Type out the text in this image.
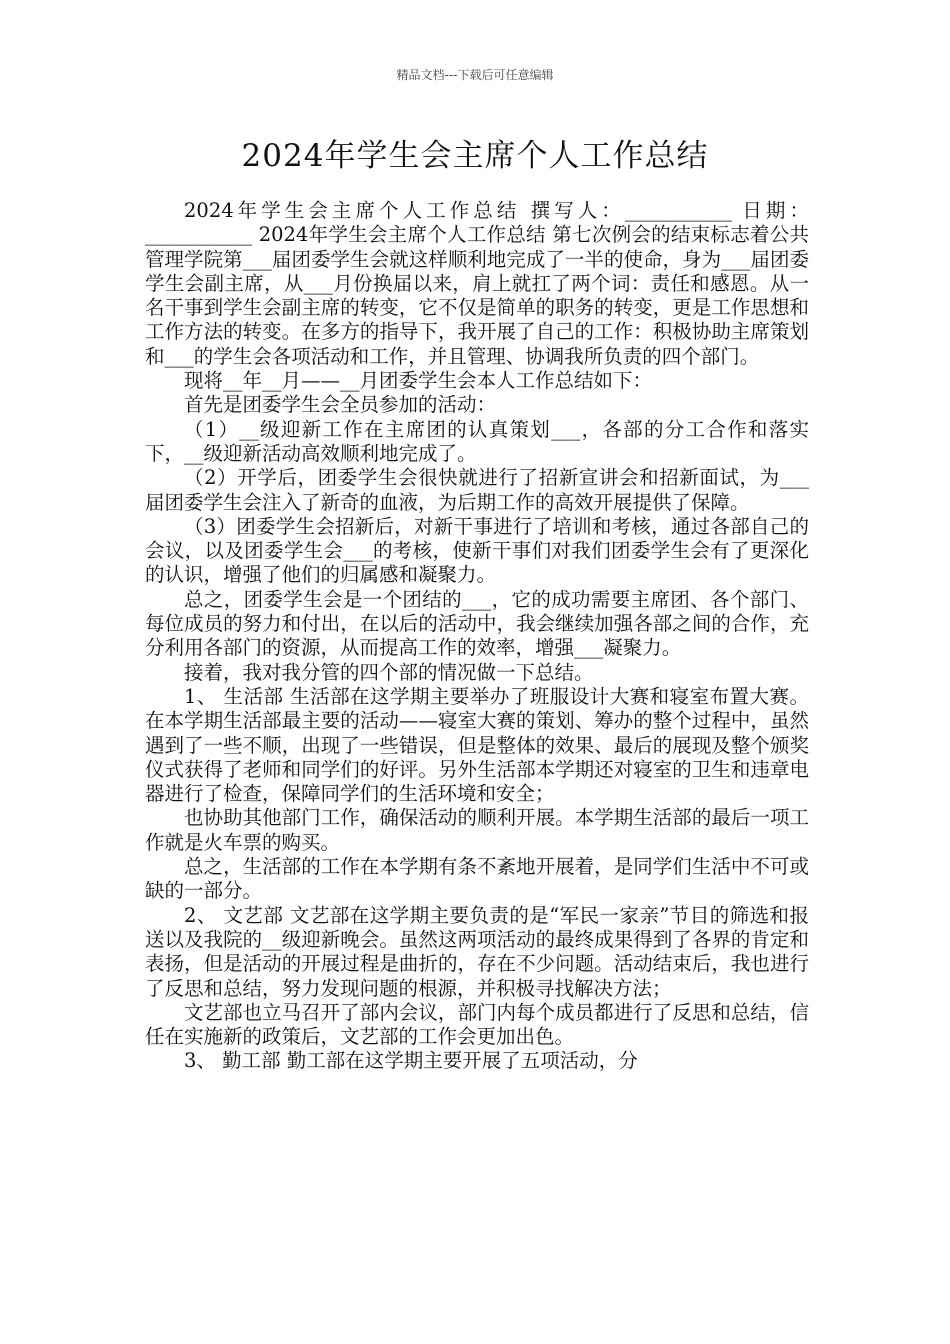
精品文档---下载后可任意编辑
2024年学生会主席个人工作总结

2024年学生会主席个人工作总结 撰写人：___________ 日期：___________ 2024年学生会主席个人工作总结 第七次例会的结束标志着公共管理学院第___届团委学生会就这样顺利地完成了一半的使命，身为___届团委学生会副主席，从___月份换届以来，肩上就扛了两个词：责任和感恩。从一名干事到学生会副主席的转变，它不仅是简单的职务的转变，更是工作思想和工作方法的转变。在多方的指导下，我开展了自己的工作：积极协助主席策划和___的学生会各项活动和工作，并且管理、协调我所负责的四个部门。

现将__年__月——__月团委学生会本人工作总结如下：

首先是团委学生会全员参加的活动：

（1）__级迎新工作在主席团的认真策划___，各部的分工合作和落实下，__级迎新活动高效顺利地完成了。

（2）开学后，团委学生会很快就进行了招新宣讲会和招新面试，为___届团委学生会注入了新奇的血液，为后期工作的高效开展提供了保障。

（3）团委学生会招新后，对新干事进行了培训和考核，通过各部自己的会议，以及团委学生会___的考核，使新干事们对我们团委学生会有了更深化的认识，增强了他们的归属感和凝聚力。

总之，团委学生会是一个团结的___，它的成功需要主席团、各个部门、每位成员的努力和付出，在以后的活动中，我会继续加强各部之间的合作，充分利用各部门的资源，从而提高工作的效率，增强___凝聚力。

接着，我对我分管的四个部的情况做一下总结。

1、 生活部 生活部在这学期主要举办了班服设计大赛和寝室布置大赛。在本学期生活部最主要的活动——寝室大赛的策划、筹办的整个过程中，虽然遇到了一些不顺，出现了一些错误，但是整体的效果、最后的展现及整个颁奖仪式获得了老师和同学们的好评。另外生活部本学期还对寝室的卫生和违章电器进行了检查，保障同学们的生活环境和安全；

也协助其他部门工作，确保活动的顺利开展。本学期生活部的最后一项工作就是火车票的购买。

总之，生活部的工作在本学期有条不紊地开展着，是同学们生活中不可或缺的一部分。

2、 文艺部 文艺部在这学期主要负责的是“军民一家亲”节目的筛选和报送以及我院的__级迎新晚会。虽然这两项活动的最终成果得到了各界的肯定和表扬，但是活动的开展过程是曲折的，存在不少问题。活动结束后，我也进行了反思和总结，努力发现问题的根源，并积极寻找解决方法；

文艺部也立马召开了部内会议，部门内每个成员都进行了反思和总结，信任在实施新的政策后，文艺部的工作会更加出色。

3、 勤工部 勤工部在这学期主要开展了五项活动，分
